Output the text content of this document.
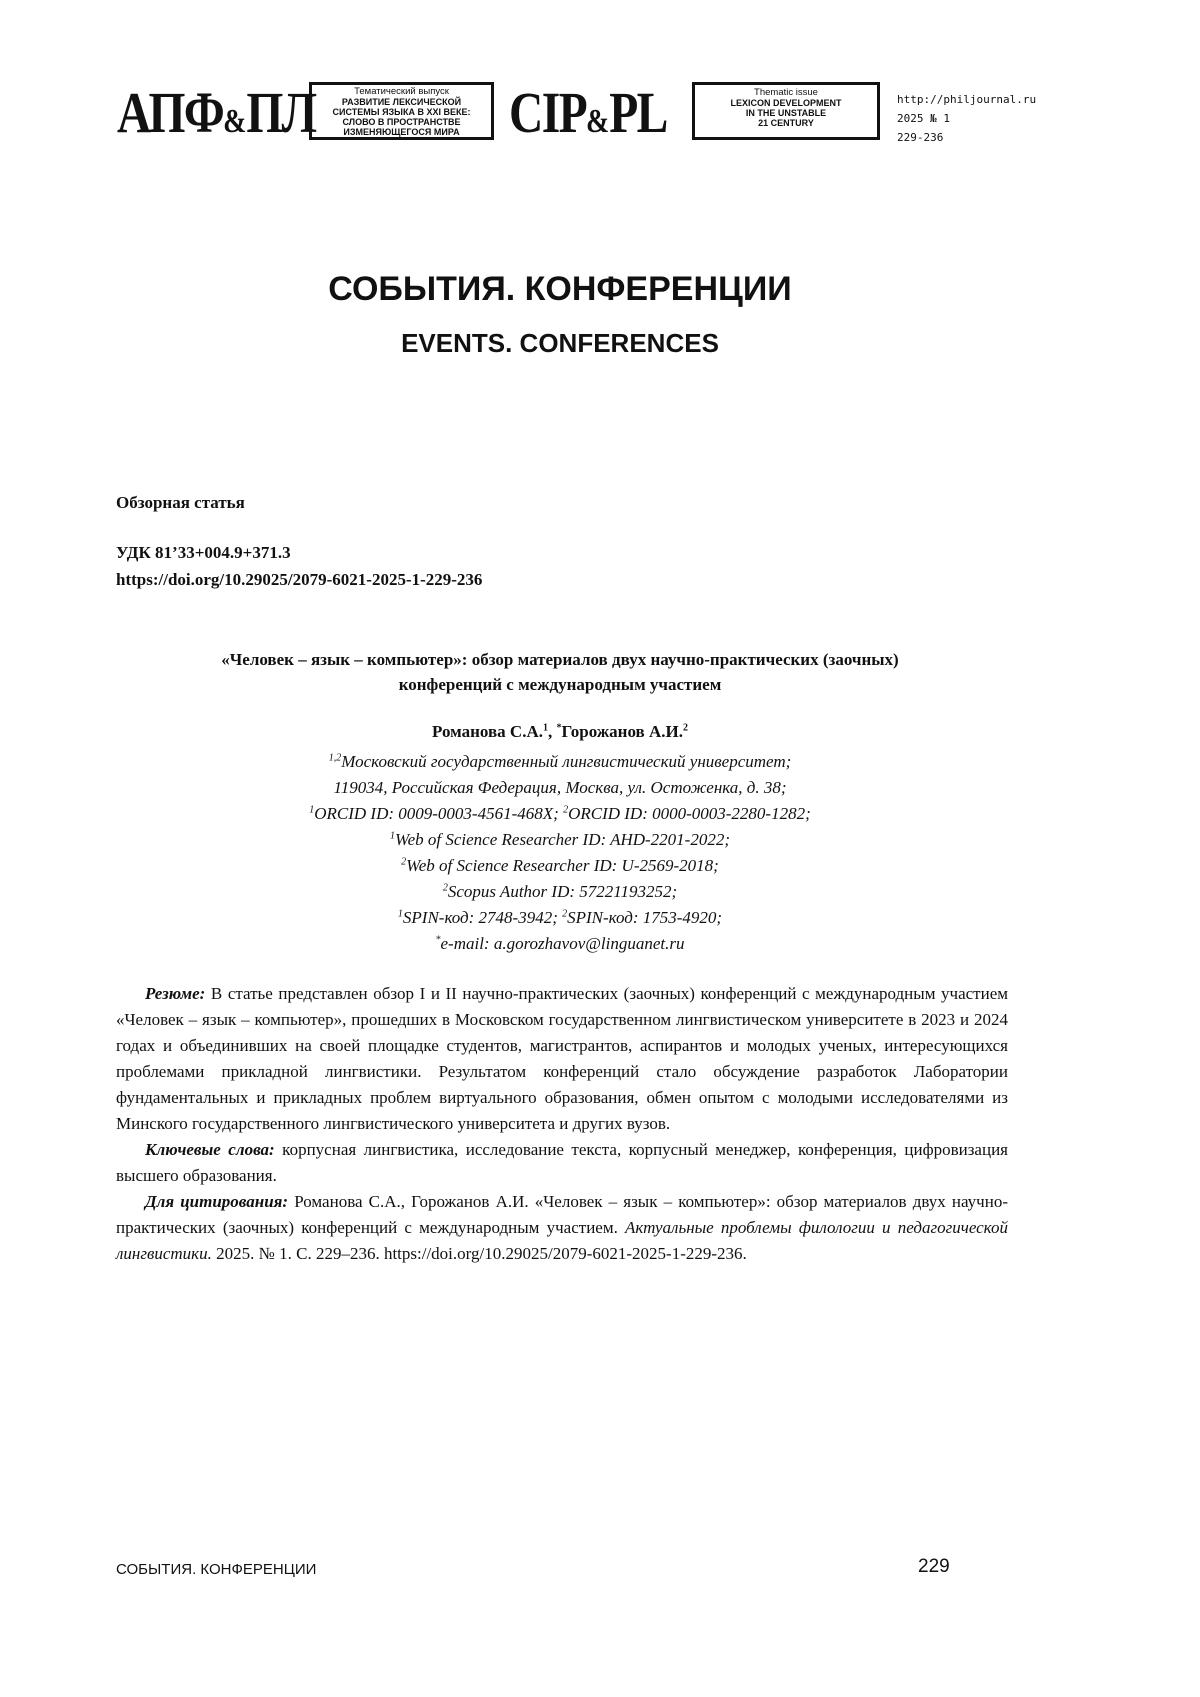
АПФ&ПЛ	Тематический выпуск
РАЗВИТИЕ ЛЕКСИЧЕСКОЙ
СИСТЕМЫ ЯЗЫКА В XXI ВЕКЕ:
СЛОВО В ПРОСТРАНСТВЕ
ИЗМЕНЯЮЩЕГОСЯ МИРА CIP&PL	Thematic issue
LEXICON DEVELOPMENT
IN THE UNSTABLE
21 CENTURY
http://philjournal.ru
2025 № 1
229-236
СОБЫТИЯ. КОНФЕРЕНЦИИ
EVENTS. CONFERENCES
Обзорная статья
УДК 81’33+004.9+371.3
https://doi.org/10.29025/2079-6021-2025-1-229-236
«Человек – язык – компьютер»: обзор материалов двух научно-практических (заочных)
конференций с международным участием
Романова С.А.$^1$, *Горожанов А.И.$^2$
$^{1,2}$Московский государственный лингвистический университет;
119034, Российская Федерация, Москва, ул. Остоженка, д. 38;
$^1$ORCID ID: 0009-0003-4561-468X; $^2$ORCID ID: 0000-0003-2280-1282;
$^1$Web of Science Researcher ID: AHD-2201-2022;
$^2$Web of Science Researcher ID: U-2569-2018;
$^2$Scopus Author ID: 57221193252;
$^1$SPIN-код: 2748-3942; $^2$SPIN-код: 1753-4920;
*e-mail: a.gorozhavov@linguanet.ru

Резюме: В статье представлен обзор I и II научно-практических (заочных) конференций с международным участием «Человек – язык – компьютер», прошедших в Московском государственном лингвистическом университете в 2023 и 2024 годах и объединивших на своей площадке студентов, магистрантов, аспирантов и молодых ученых, интересующихся проблемами прикладной лингвистики. Результатом конференций стало обсуждение разработок Лаборатории фундаментальных и прикладных проблем виртуального образования, обмен опытом с молодыми исследователями из Минского государственного лингвистического университета и других вузов.

Ключевые слова: корпусная лингвистика, исследование текста, корпусный менеджер, конференция, цифровизация высшего образования.

Для цитирования: Романова С.А., Горожанов А.И. «Человек – язык – компьютер»: обзор материалов двух научно-практических (заочных) конференций с международным участием. Актуальные проблемы филологии и педагогической лингвистики. 2025. № 1. С. 229–236. https://doi.org/10.29025/2079-6021-2025-1-229-236.

СОБЫТИЯ. КОНФЕРЕНЦИИ	229
